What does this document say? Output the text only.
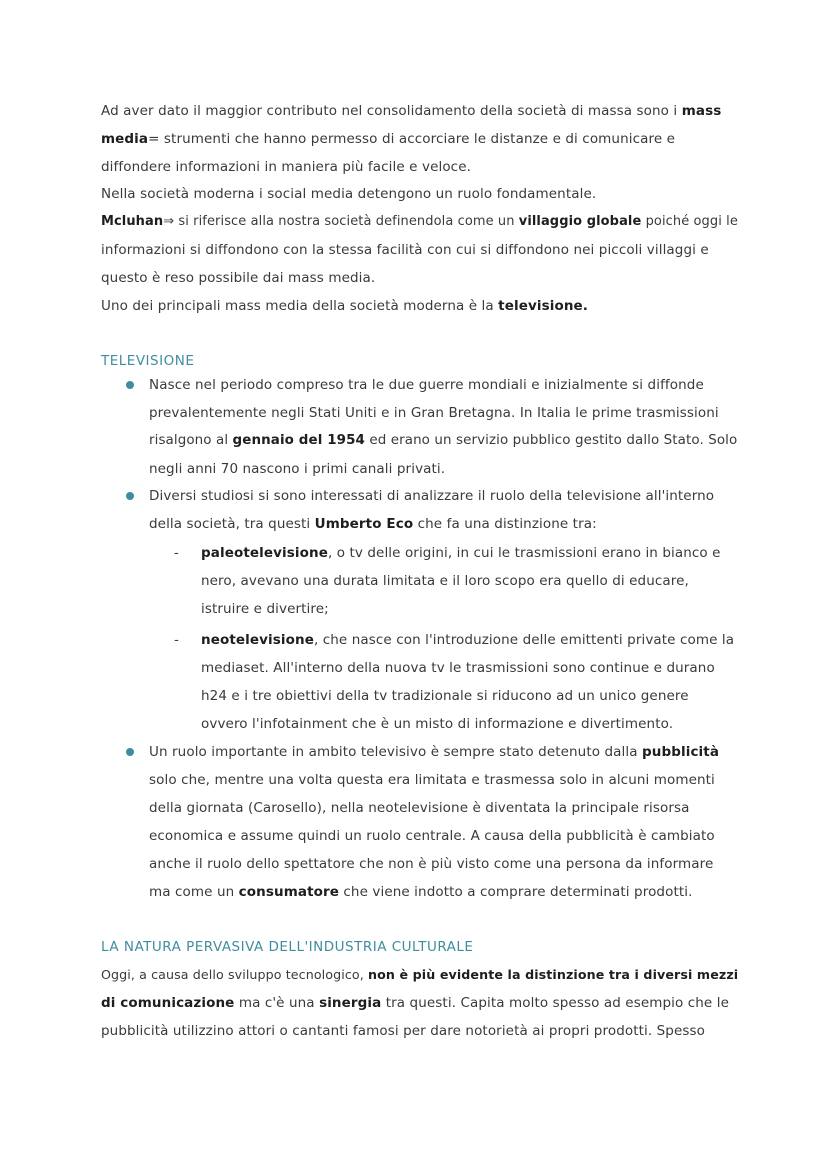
Ad aver dato il maggior contributo nel consolidamento della società di massa sono i mass
media= strumenti che hanno permesso di accorciare le distanze e di comunicare e
diffondere informazioni in maniera più facile e veloce.
Nella società moderna i social media detengono un ruolo fondamentale.
Mcluhan⇒ si riferisce alla nostra società definendola come un villaggio globale poiché oggi le
informazioni si diffondono con la stessa facilità con cui si diffondono nei piccoli villaggi e
questo è reso possibile dai mass media.
Uno dei principali mass media della società moderna è la televisione.
TELEVISIONE
Nasce nel periodo compreso tra le due guerre mondiali e inizialmente si diffonde
prevalentemente negli Stati Uniti e in Gran Bretagna. In Italia le prime trasmissioni
risalgono al gennaio del 1954 ed erano un servizio pubblico gestito dallo Stato. Solo
negli anni 70 nascono i primi canali privati.
Diversi studiosi si sono interessati di analizzare il ruolo della televisione all'interno
della società, tra questi Umberto Eco che fa una distinzione tra:
- paleotelevisione, o tv delle origini, in cui le trasmissioni erano in bianco e
nero, avevano una durata limitata e il loro scopo era quello di educare,
istruire e divertire;
- neotelevisione, che nasce con l'introduzione delle emittenti private come la
mediaset. All'interno della nuova tv le trasmissioni sono continue e durano
h24 e i tre obiettivi della tv tradizionale si riducono ad un unico genere
ovvero l'infotainment che è un misto di informazione e divertimento.
Un ruolo importante in ambito televisivo è sempre stato detenuto dalla pubblicità
solo che, mentre una volta questa era limitata e trasmessa solo in alcuni momenti
della giornata (Carosello), nella neotelevisione è diventata la principale risorsa
economica e assume quindi un ruolo centrale. A causa della pubblicità è cambiato
anche il ruolo dello spettatore che non è più visto come una persona da informare
ma come un consumatore che viene indotto a comprare determinati prodotti.
LA NATURA PERVASIVA DELL'INDUSTRIA CULTURALE
Oggi, a causa dello sviluppo tecnologico, non è più evidente la distinzione tra i diversi mezzi
di comunicazione ma c'è una sinergia tra questi. Capita molto spesso ad esempio che le
pubblicità utilizzino attori o cantanti famosi per dare notorietà ai propri prodotti. Spesso
